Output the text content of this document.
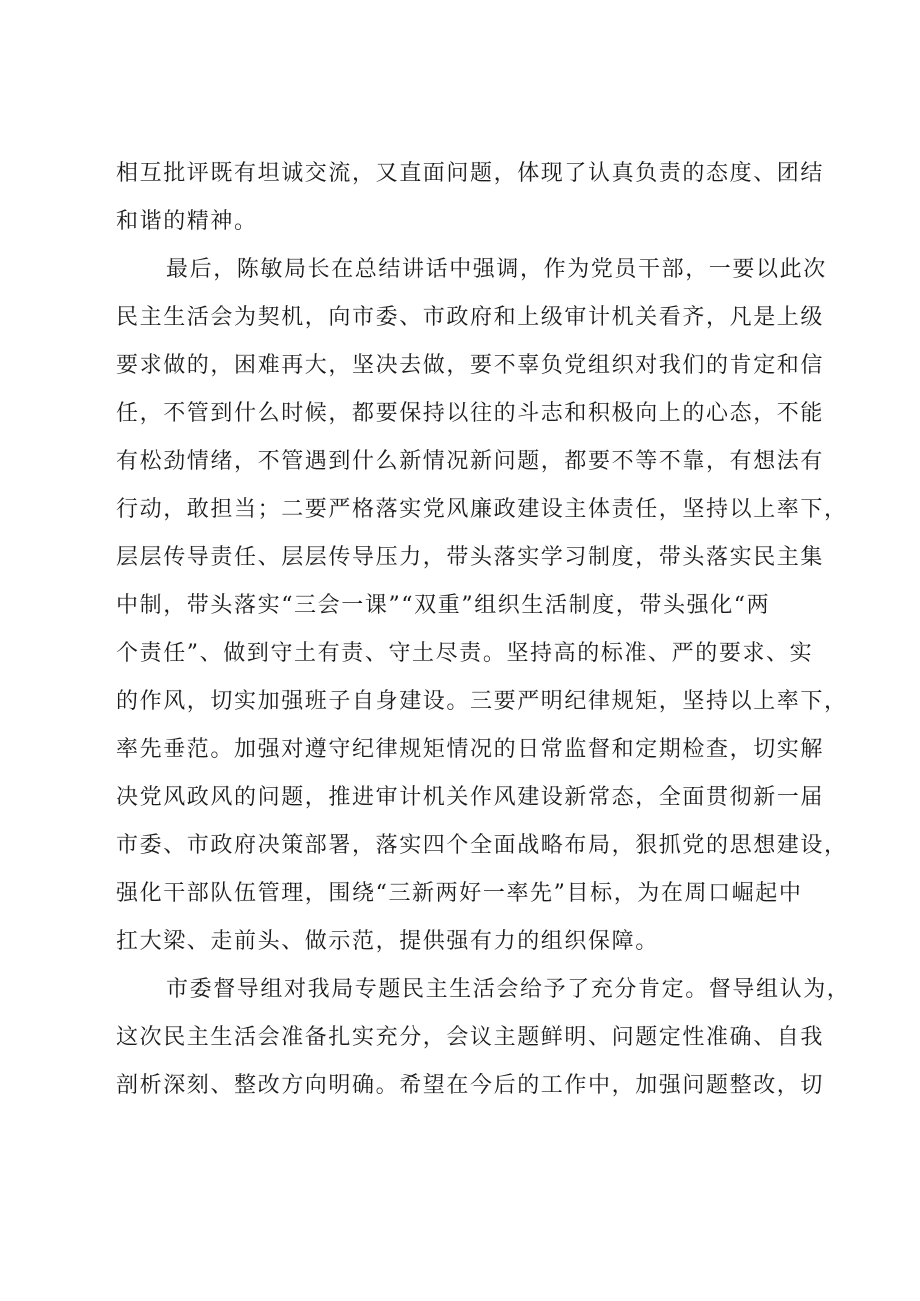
相互批评既有坦诚交流，又直面问题，体现了认真负责的态度、团结
和谐的精神。
最后，陈敏局长在总结讲话中强调，作为党员干部，一要以此次
民主生活会为契机，向市委、市政府和上级审计机关看齐，凡是上级
要求做的，困难再大，坚决去做，要不辜负党组织对我们的肯定和信
任，不管到什么时候，都要保持以往的斗志和积极向上的心态，不能
有松劲情绪，不管遇到什么新情况新问题，都要不等不靠，有想法有
行动，敢担当；二要严格落实党风廉政建设主体责任，坚持以上率下，
层层传导责任、层层传导压力，带头落实学习制度，带头落实民主集
中制，带头落实“三会一课”“双重”组织生活制度，带头强化“两
个责任”、做到守土有责、守土尽责。坚持高的标准、严的要求、实
的作风，切实加强班子自身建设。三要严明纪律规矩，坚持以上率下，
率先垂范。加强对遵守纪律规矩情况的日常监督和定期检查，切实解
决党风政风的问题，推进审计机关作风建设新常态，全面贯彻新一届
市委、市政府决策部署，落实四个全面战略布局，狠抓党的思想建设，
强化干部队伍管理，围绕“三新两好一率先”目标，为在周口崛起中
扛大梁、走前头、做示范，提供强有力的组织保障。
市委督导组对我局专题民主生活会给予了充分肯定。督导组认为，
这次民主生活会准备扎实充分，会议主题鲜明、问题定性准确、自我
剖析深刻、整改方向明确。希望在今后的工作中，加强问题整改，切
